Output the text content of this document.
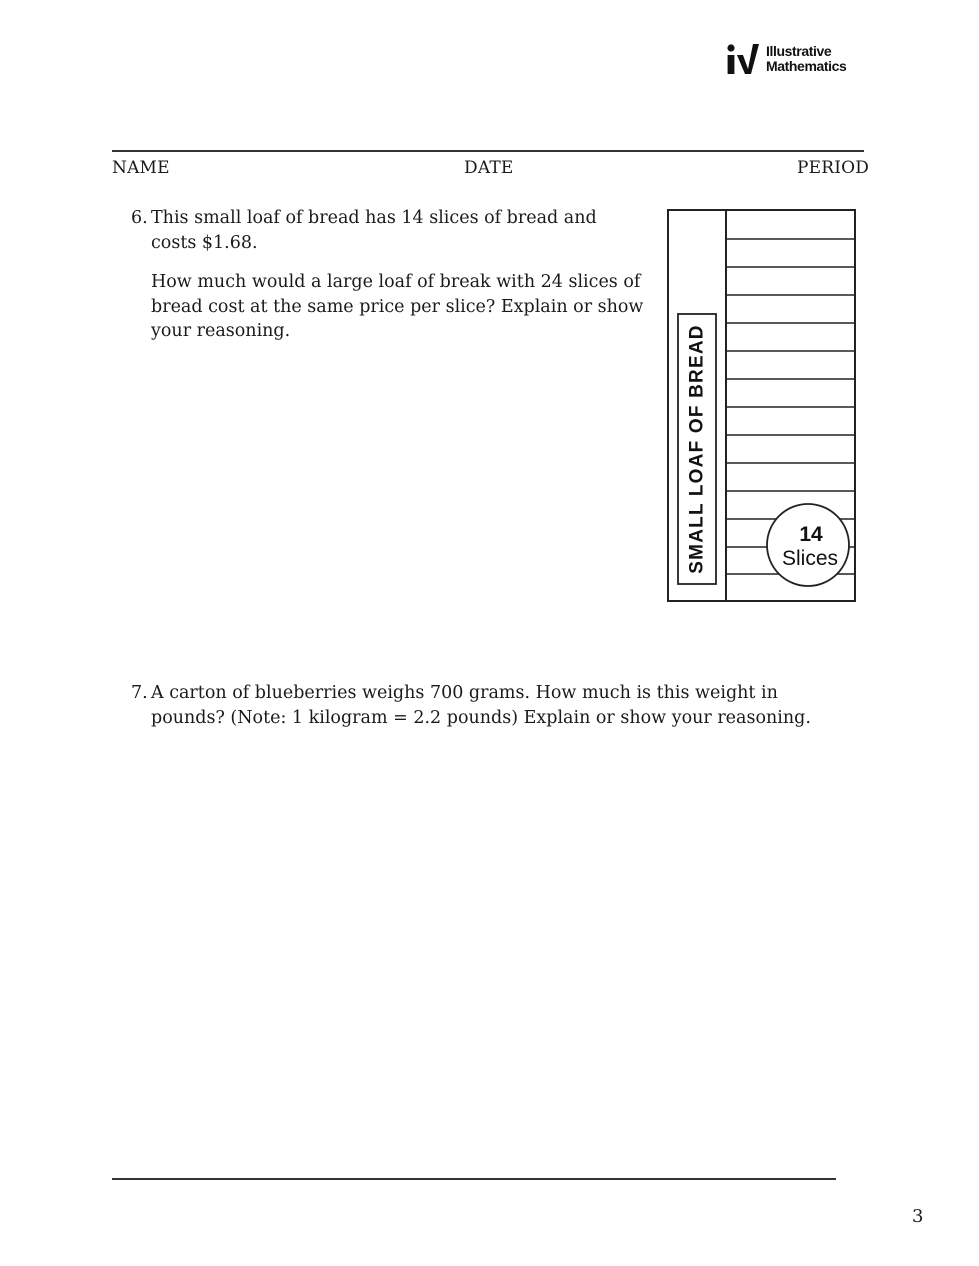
Illustrative
Mathematics
NAME	DATE	PERIOD
6. This small loaf of bread has 14 slices of bread and costs $1.68.
How much would a large loaf of break with 24 slices of bread cost at the same price per slice? Explain or show your reasoning.	SMALL LOAF OF BREAD	14
Slices
7. A carton of blueberries weighs 700 grams. How much is this weight in pounds? (Note: 1 kilogram = 2.2 pounds) Explain or show your reasoning.
3
